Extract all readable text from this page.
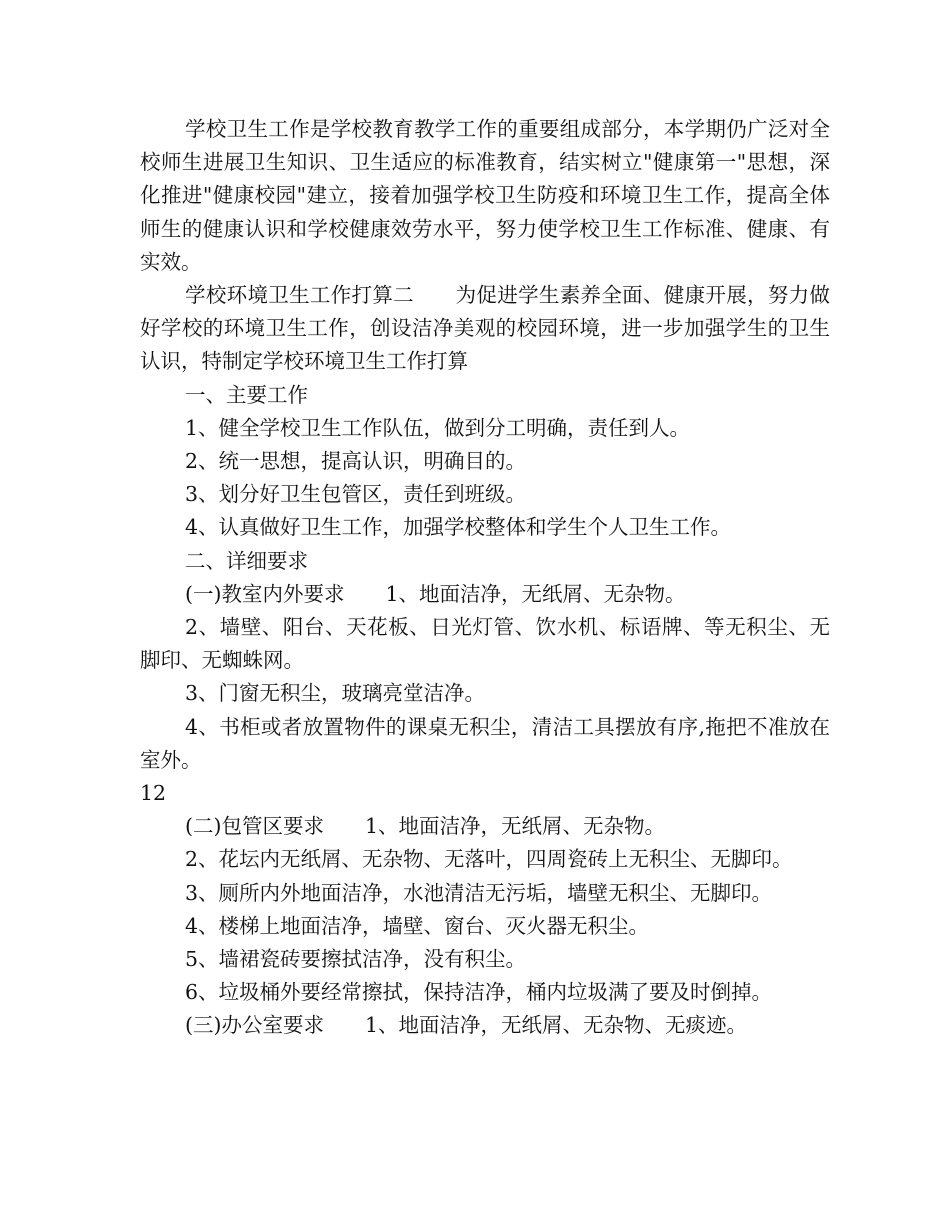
学校卫生工作是学校教育教学工作的重要组成部分，本学期仍广泛对全校师生进展卫生知识、卫生适应的标准教育，结实树立"健康第一"思想，深化推进"健康校园"建立，接着加强学校卫生防疫和环境卫生工作，提高全体师生的健康认识和学校健康效劳水平，努力使学校卫生工作标准、健康、有实效。

学校环境卫生工作打算二　　为促进学生素养全面、健康开展，努力做好学校的环境卫生工作，创设洁净美观的校园环境，进一步加强学生的卫生认识，特制定学校环境卫生工作打算

一、主要工作

1、健全学校卫生工作队伍，做到分工明确，责任到人。

2、统一思想，提高认识，明确目的。

3、划分好卫生包管区，责任到班级。

4、认真做好卫生工作，加强学校整体和学生个人卫生工作。

二、详细要求

(一)教室内外要求　　1、地面洁净，无纸屑、无杂物。

2、墙壁、阳台、天花板、日光灯管、饮水机、标语牌、等无积尘、无脚印、无蜘蛛网。

3、门窗无积尘，玻璃亮堂洁净。

4、书柜或者放置物件的课桌无积尘，清洁工具摆放有序,拖把不准放在室外。

12

(二)包管区要求　　1、地面洁净，无纸屑、无杂物。

2、花坛内无纸屑、无杂物、无落叶，四周瓷砖上无积尘、无脚印。

3、厕所内外地面洁净，水池清洁无污垢，墙壁无积尘、无脚印。

4、楼梯上地面洁净，墙壁、窗台、灭火器无积尘。

5、墙裙瓷砖要擦拭洁净，没有积尘。

6、垃圾桶外要经常擦拭，保持洁净，桶内垃圾满了要及时倒掉。

(三)办公室要求　　1、地面洁净，无纸屑、无杂物、无痰迹。
